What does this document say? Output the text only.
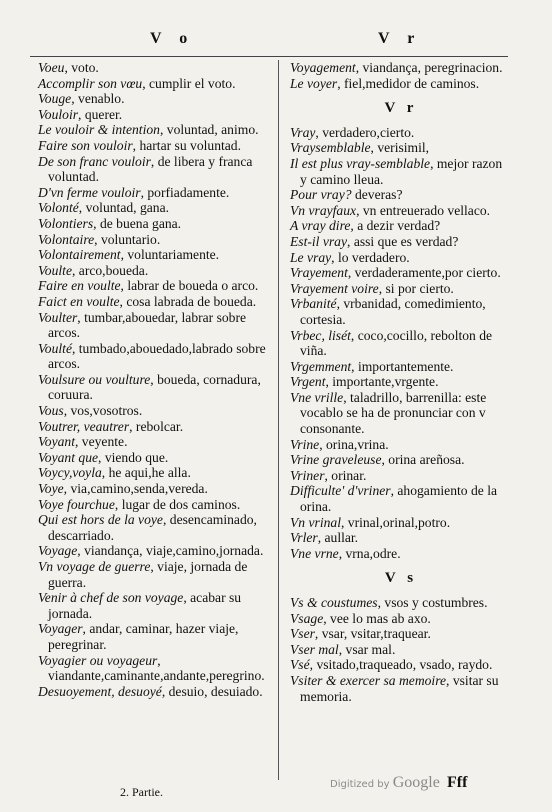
V o	V r

Voeu, voto.

Accomplir son vœu, cumplir el voto.

Vouge, venablo.

Vouloir, querer.

Le vouloir & intention, voluntad, animo.

Faire son vouloir, hartar su voluntad.

De son franc vouloir, de libera y franca voluntad.

D'vn ferme vouloir, porfiadamente.

Volonté, voluntad, gana.

Volontiers, de buena gana.

Volontaire, voluntario.

Volontairement, voluntariamente.

Voulte, arco,boueda.

Faire en voulte, labrar de boueda o arco.

Faict en voulte, cosa labrada de boueda.

Voulter, tumbar,abouedar, labrar sobre arcos.

Voulté, tumbado,abouedado,labrado sobre arcos.

Voulsure ou voulture, boueda, cornadura, coruura.

Vous, vos,vosotros.

Voutrer, veautrer, rebolcar.

Voyant, veyente.

Voyant que, viendo que.

Voycy,voyla, he aqui,he alla.

Voye, via,camino,senda,vereda.

Voye fourchue, lugar de dos caminos.

Qui est hors de la voye, desencaminado, descarriado.

Voyage, viandança, viaje,camino,jornada.

Vn voyage de guerre, viaje, jornada de guerra.

Venir à chef de son voyage, acabar su jornada.

Voyager, andar, caminar, hazer viaje, peregrinar.

Voyagier ou voyageur, viandante,caminante,andante,peregrino.

Desuoyement, desuoyé, desuio, desuiado.

Voyagement, viandança, peregrinacion.

Le voyer, fiel,medidor de caminos.

V r

Vray, verdadero,cierto.

Vraysemblable, verisimil,

Il est plus vray-semblable, mejor razon y camino lleua.

Pour vray? deveras?

Vn vrayfaux, vn entreuerado vellaco.

A vray dire, a dezir verdad?

Est-il vray, assi que es verdad?

Le vray, lo verdadero.

Vrayement, verdaderamente,por cierto.

Vrayement voire, si por cierto.

Vrbanité, vrbanidad, comedimiento, cortesia.

Vrbec, lisét, coco,cocillo, rebolton de viña.

Vrgemment, importantemente.

Vrgent, importante,vrgente.

Vne vrille, taladrillo, barrenilla: este vocablo se ha de pronunciar con v consonante.

Vrine, orina,vrina.

Vrine graveleuse, orina areñosa.

Vriner, orinar.

Difficulte' d'vriner, ahogamiento de la orina.

Vn vrinal, vrinal,orinal,potro.

Vrler, aullar.

Vne vrne, vrna,odre.

V s

Vs & coustumes, vsos y costumbres.

Vsage, vee lo mas ab axo.

Vser, vsar, vsitar,traquear.

Vser mal, vsar mal.

Vsé, vsitado,traqueado, vsado, raydo.

Vsiter & exercer sa memoire, vsitar su memoria.

2. Partie.
Digitized by Google Fff
